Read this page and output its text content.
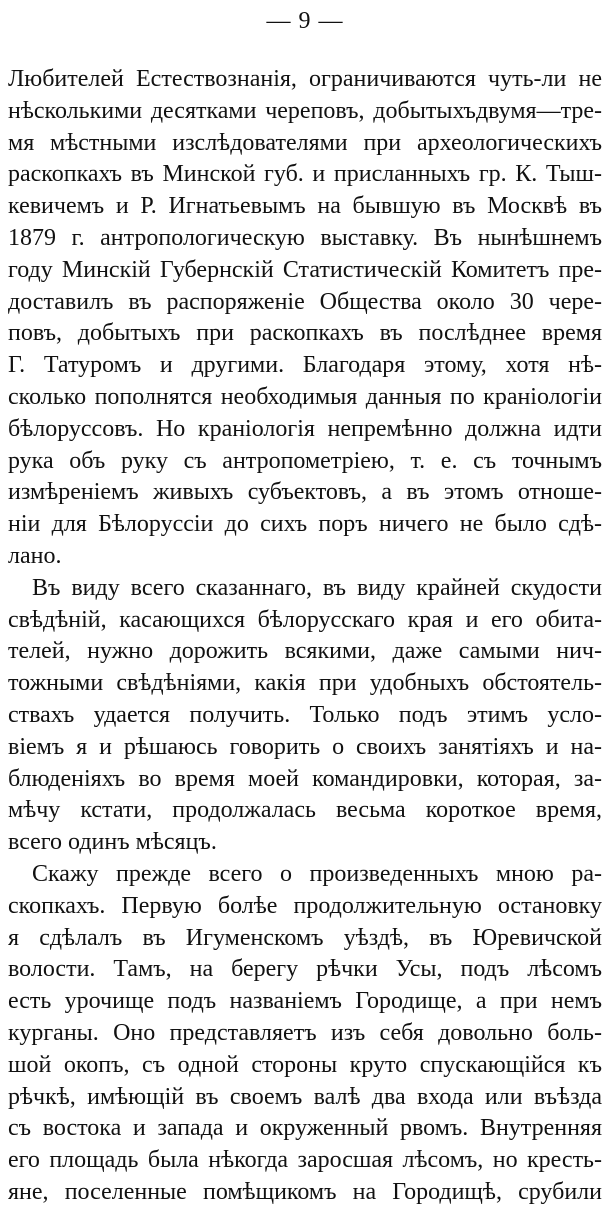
— 9 —
Любителей Естествознанія, ограничиваются чуть-ли не
нѣсколькими десятками череповъ, добытыхъдвумя—тре-
мя мѣстными изслѣдователями при археологическихъ
раскопкахъ въ Минской губ. и присланныхъ гр. К. Тыш-
кевичемъ и Р. Игнатьевымъ на бывшую въ Москвѣ въ
1879 г. антропологическую выставку. Въ нынѣшнемъ
году Минскій Губернскій Статистическій Комитетъ пре-
доставилъ въ распоряженіе Общества около 30 чере-
повъ, добытыхъ при раскопкахъ въ послѣднее время
Г. Татуромъ и другими. Благодаря этому, хотя нѣ-
сколько пополнятся необходимыя данныя по краніологіи
бѣлоруссовъ. Но краніологія непремѣнно должна идти
рука объ руку съ антропометріею, т. е. съ точнымъ
измѣреніемъ живыхъ субъектовъ, а въ этомъ отноше-
ніи для Бѣлоруссіи до сихъ поръ ничего не было сдѣ-
лано.
Въ виду всего сказаннаго, въ виду крайней скудости
свѣдѣній, касающихся бѣлорусскаго края и его обита-
телей, нужно дорожить всякими, даже самыми нич-
тожными свѣдѣніями, какія при удобныхъ обстоятель-
ствахъ удается получить. Только подъ этимъ усло-
віемъ я и рѣшаюсь говорить о своихъ занятіяхъ и на-
блюденіяхъ во время моей командировки, которая, за-
мѣчу кстати, продолжалась весьма короткое время,
всего одинъ мѣсяцъ.
Скажу прежде всего о произведенныхъ мною ра-
скопкахъ. Первую болѣе продолжительную остановку
я сдѣлалъ въ Игуменскомъ уѣздѣ, въ Юревичской
волости. Тамъ, на берегу рѣчки Усы, подъ лѣсомъ
есть урочище подъ названіемъ Городище, а при немъ
курганы. Оно представляетъ изъ себя довольно боль-
шой окопъ, съ одной стороны круто спускающійся къ
рѣчкѣ, имѣющій въ своемъ валѣ два входа или въѣзда
съ востока и запада и окруженный рвомъ. Внутренняя
его площадь была нѣкогда заросшая лѣсомъ, но кресть-
яне, поселенные помѣщикомъ на Городищѣ, срубили
